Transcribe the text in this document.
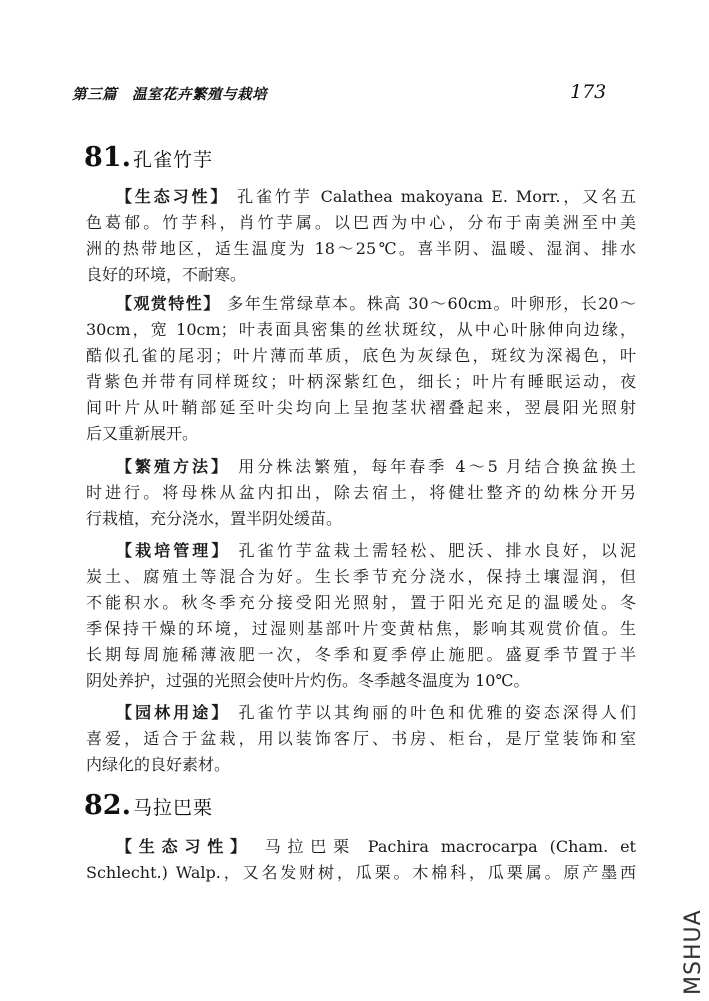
第三篇　温室花卉繁殖与栽培	173
81. 孔雀竹芋

【生态习性】 孔雀竹芋 Calathea makoyana E. Morr.，又名五

色葛郁。竹芋科，肖竹芋属。以巴西为中心，分布于南美洲至中美

洲的热带地区，适生温度为 18～25℃。喜半阴、温暖、湿润、排水

良好的环境，不耐寒。

【观赏特性】 多年生常绿草本。株高 30～60cm。叶卵形，长20～

30cm，宽 10cm；叶表面具密集的丝状斑纹，从中心叶脉伸向边缘，

酷似孔雀的尾羽；叶片薄而革质，底色为灰绿色，斑纹为深褐色，叶

背紫色并带有同样斑纹；叶柄深紫红色，细长；叶片有睡眠运动，夜

间叶片从叶鞘部延至叶尖均向上呈抱茎状褶叠起来，翌晨阳光照射

后又重新展开。

【繁殖方法】 用分株法繁殖，每年春季 4～5 月结合换盆换土

时进行。将母株从盆内扣出，除去宿土，将健壮整齐的幼株分开另

行栽植，充分浇水，置半阴处缓苗。

【栽培管理】 孔雀竹芋盆栽土需轻松、肥沃、排水良好，以泥

炭土、腐殖土等混合为好。生长季节充分浇水，保持土壤湿润，但

不能积水。秋冬季充分接受阳光照射，置于阳光充足的温暖处。冬

季保持干燥的环境，过湿则基部叶片变黄枯焦，影响其观赏价值。生

长期每周施稀薄液肥一次，冬季和夏季停止施肥。盛夏季节置于半

阴处养护，过强的光照会使叶片灼伤。冬季越冬温度为 10℃。

【园林用途】 孔雀竹芋以其绚丽的叶色和优雅的姿态深得人们

喜爱，适合于盆栽，用以装饰客厅、书房、柜台，是厅堂装饰和室

内绿化的良好素材。

82. 马拉巴栗

【生态习性】 马拉巴栗 Pachira macrocarpa (Cham. et

Schlecht.) Walp.，又名发财树，瓜栗。木棉科，瓜栗属。原产墨西

MSHUA
